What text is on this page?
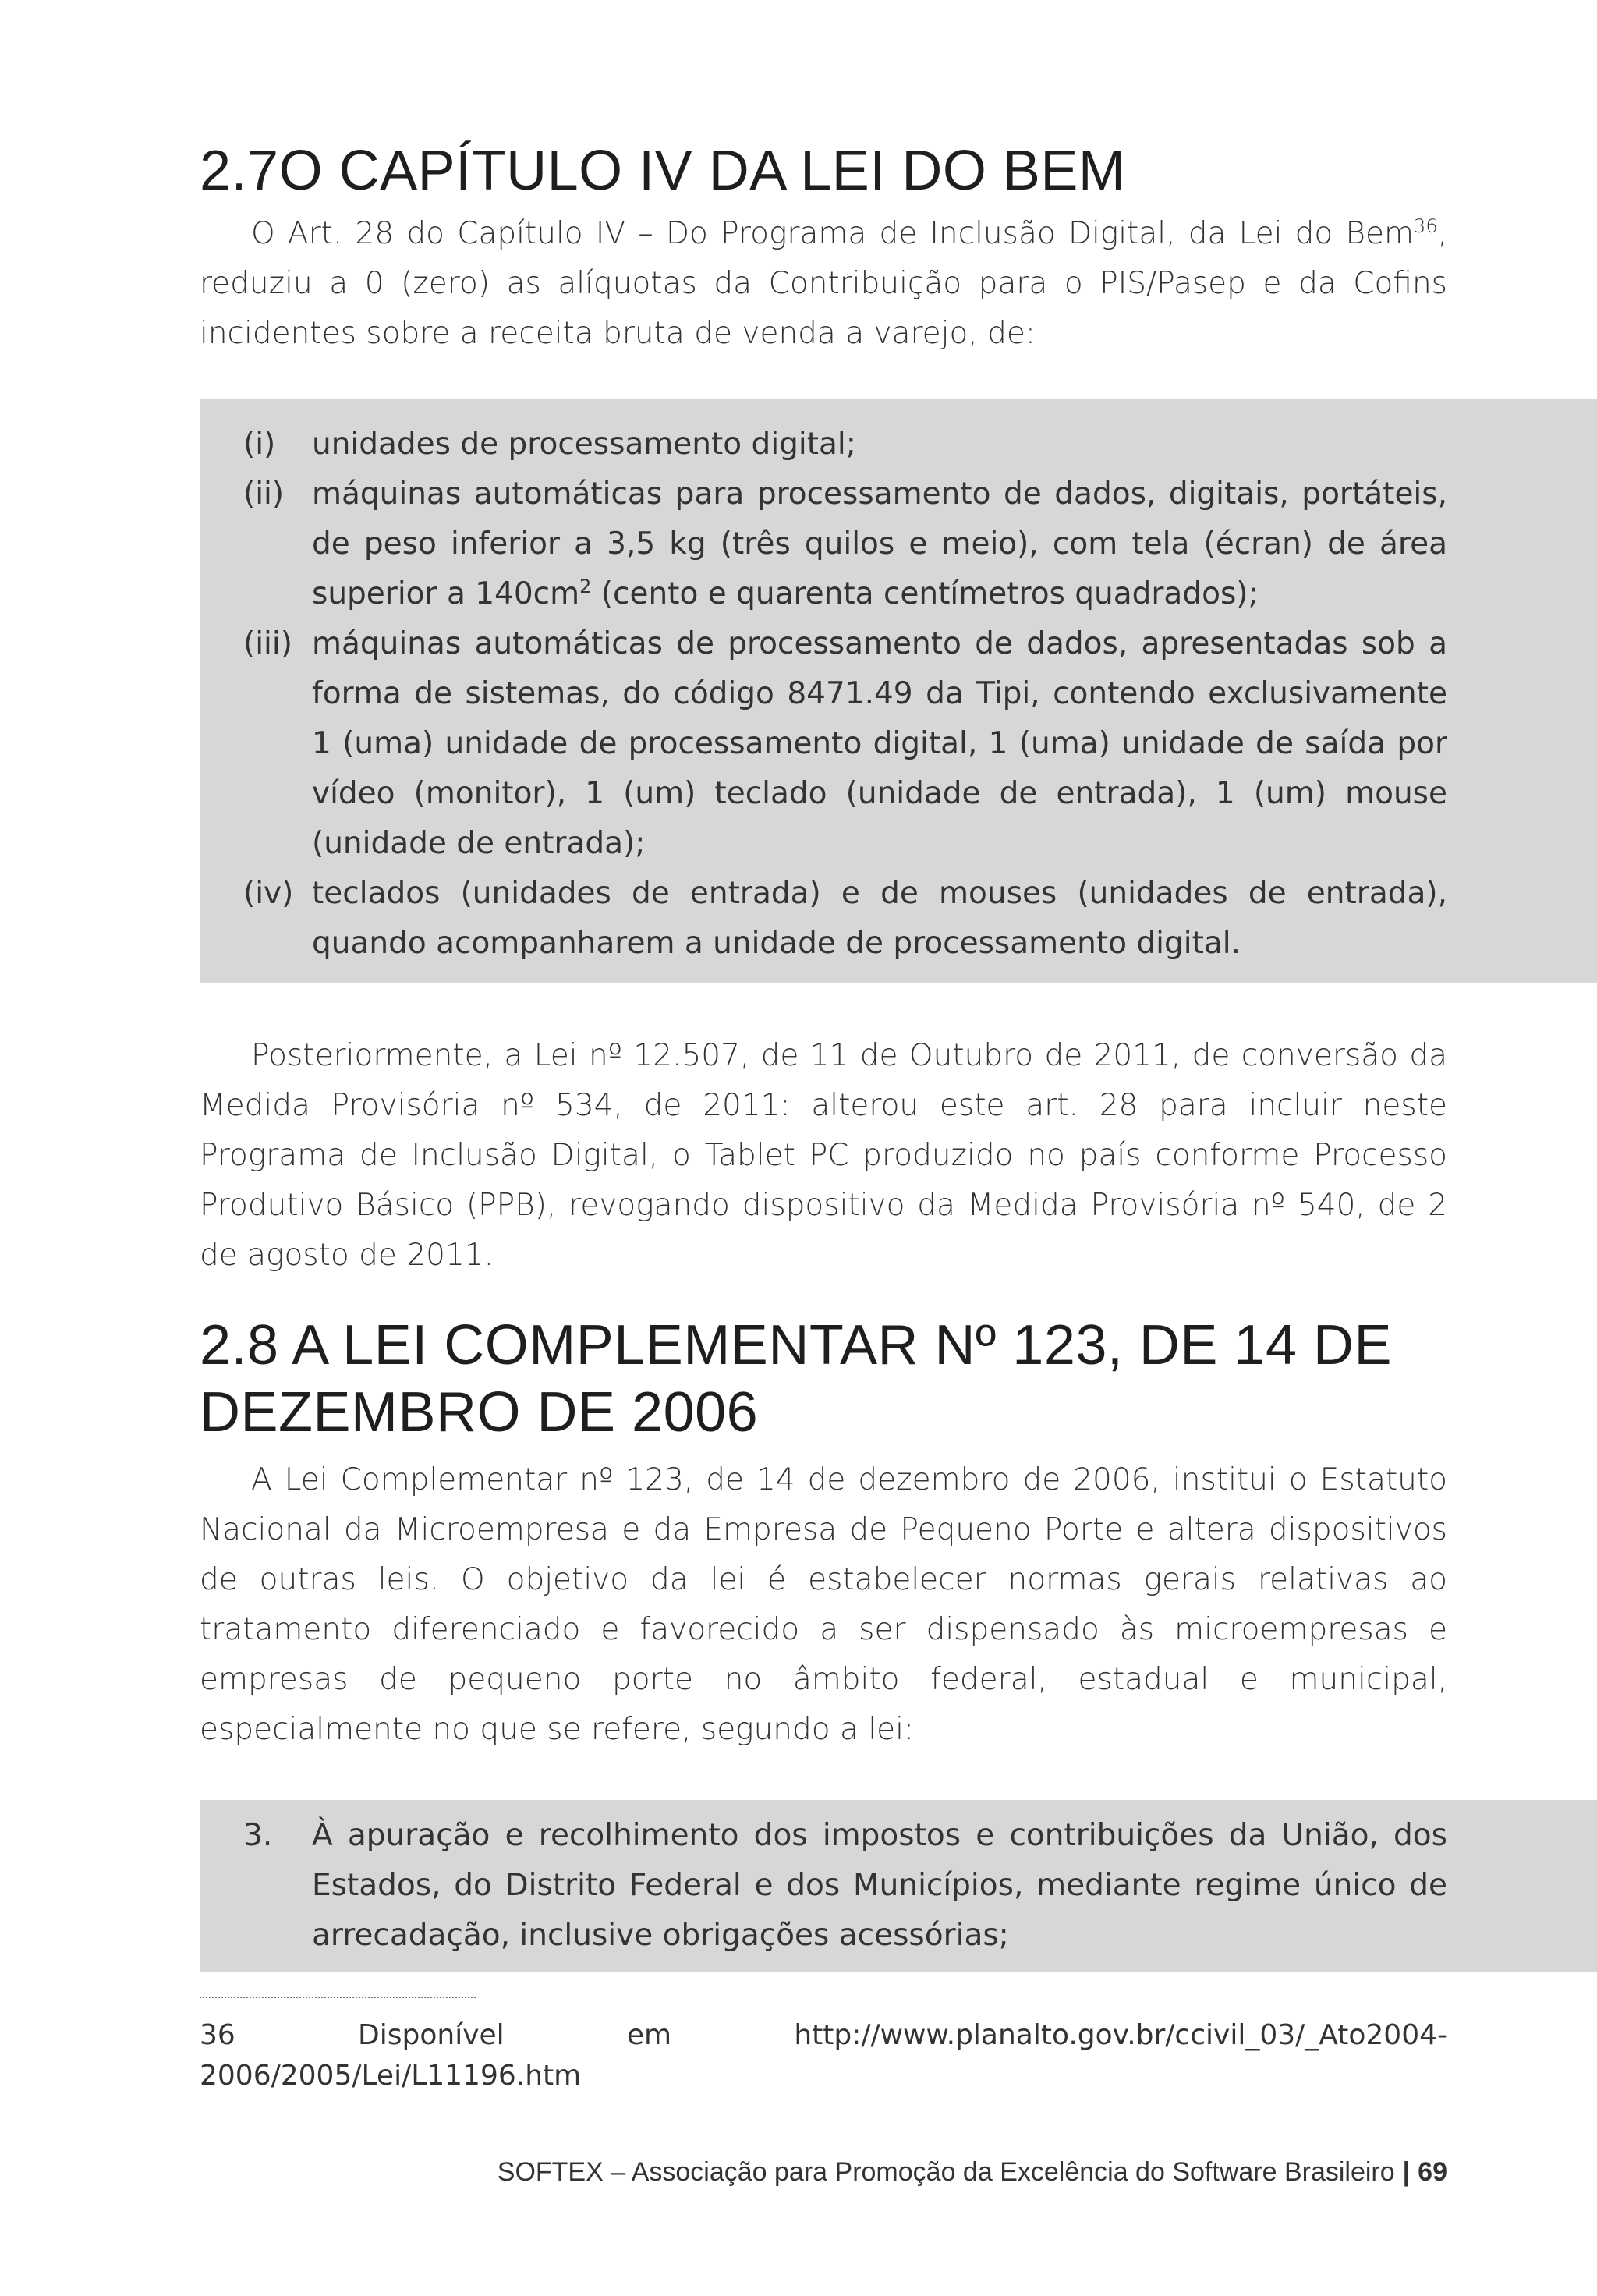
2.7O CAPÍTULO IV DA LEI DO BEM

O Art. 28 do Capítulo IV – Do Programa de Inclusão Digital, da Lei do Bem$^{36}$, reduziu a 0 (zero) as alíquotas da Contribuição para o PIS/Pasep e da Cofins incidentes sobre a receita bruta de venda a varejo, de:

(i)	unidades de processamento digital;
(ii) máquinas automáticas para processamento de dados, digitais, portáteis, de peso inferior a 3,5 kg (três quilos e meio), com tela (écran) de área superior a $140cm^2$ (cento e quarenta centímetros quadrados);
(iii) máquinas automáticas de processamento de dados, apresentadas sob a forma de sistemas, do código 8471.49 da Tipi, contendo exclusivamente 1 (uma) unidade de processamento digital, 1 (uma) unidade de saída por vídeo (monitor), 1 (um) teclado (unidade de entrada), 1 (um) mouse (unidade de entrada);
(iv) teclados (unidades de entrada) e de mouses (unidades de entrada), quando acompanharem a unidade de processamento digital.

Posteriormente, a Lei nº 12.507, de 11 de Outubro de 2011, de conversão da Medida Provisória nº 534, de 2011: alterou este art. 28 para incluir neste Programa de Inclusão Digital, o Tablet PC produzido no país conforme Processo Produtivo Básico (PPB), revogando dispositivo da Medida Provisória nº 540, de 2 de agosto de 2011.

2.8 A LEI COMPLEMENTAR Nº 123, DE 14 DE DEZEMBRO DE 2006

A Lei Complementar nº 123, de 14 de dezembro de 2006, institui o Estatuto Nacional da Microempresa e da Empresa de Pequeno Porte e altera dispositivos de outras leis. O objetivo da lei é estabelecer normas gerais relativas ao tratamento diferenciado e favorecido a ser dispensado às microempresas e empresas de pequeno porte no âmbito federal, estadual e municipal, especialmente no que se refere, segundo a lei:

3.	À apuração e recolhimento dos impostos e contribuições da União, dos Estados, do Distrito Federal e dos Municípios, mediante regime único de arrecadação, inclusive obrigações acessórias;
36 Disponível em http://www.planalto.gov.br/ccivil_03/_Ato2004-2006/2005/Lei/L11196.htm
SOFTEX – Associação para Promoção da Excelência do Software Brasileiro | 69
